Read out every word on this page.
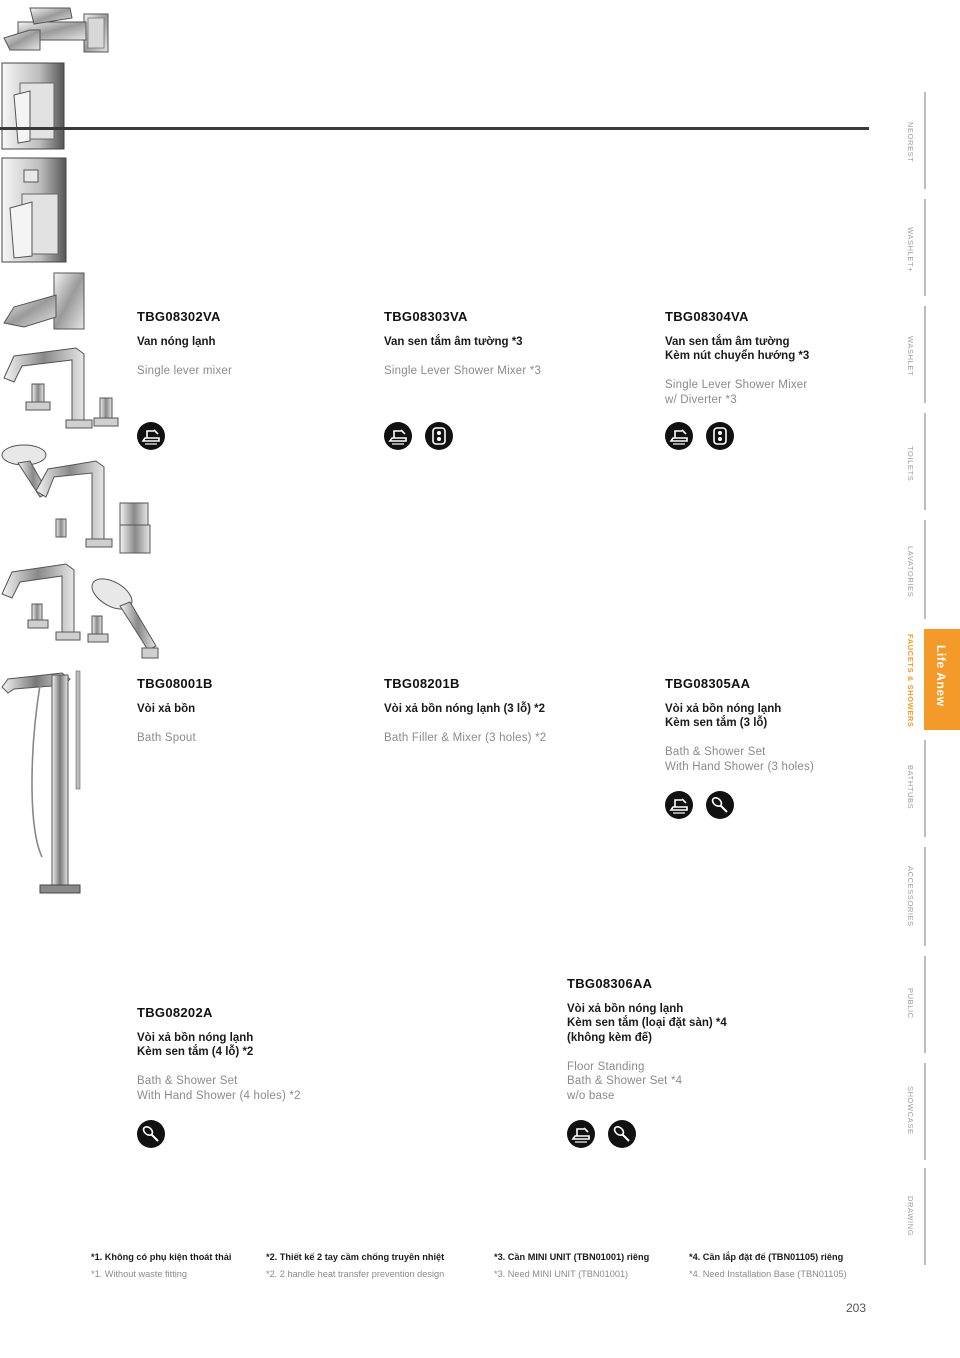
TBG08302VA
Van nóng lạnh
Single lever mixer
TBG08303VA
Van sen tắm âm tường *3
Single Lever Shower Mixer *3
TBG08304VA
Van sen tắm âm tường
Kèm nút chuyển hướng *3
Single Lever Shower Mixer
w/ Diverter *3
TBG08001B
Vòi xả bồn
Bath Spout
TBG08201B
Vòi xả bồn nóng lạnh (3 lỗ) *2
Bath Filler & Mixer (3 holes) *2
TBG08305AA
Vòi xả bồn nóng lạnh
Kèm sen tắm (3 lỗ)
Bath & Shower Set
With Hand Shower (3 holes)
TBG08202A
Vòi xả bồn nóng lạnh
Kèm sen tắm (4 lỗ) *2
Bath & Shower Set
With Hand Shower (4 holes) *2
TBG08306AA
Vòi xả bồn nóng lạnh
Kèm sen tắm (loại đặt sàn) *4
(không kèm đế)
Floor Standing
Bath & Shower Set *4
w/o base
NEOREST
WASHLET+
WASHLET
TOILETS
LAVATORIES
FAUCETS & SHOWERS Life Anew
BATHTUBS
ACCESSORIES
PUBLIC
SHOWCASE
DRAWING
*1. Không có phụ kiện thoát thải
*1. Without waste fitting
*2. Thiết kế 2 tay cầm chống truyền nhiệt
*2. 2 handle heat transfer prevention design
*3. Cần MINI UNIT (TBN01001) riêng
*3. Need MINI UNIT (TBN01001)
*4. Cần lắp đặt đế (TBN01105) riêng
*4. Need Installation Base (TBN01105)
203
